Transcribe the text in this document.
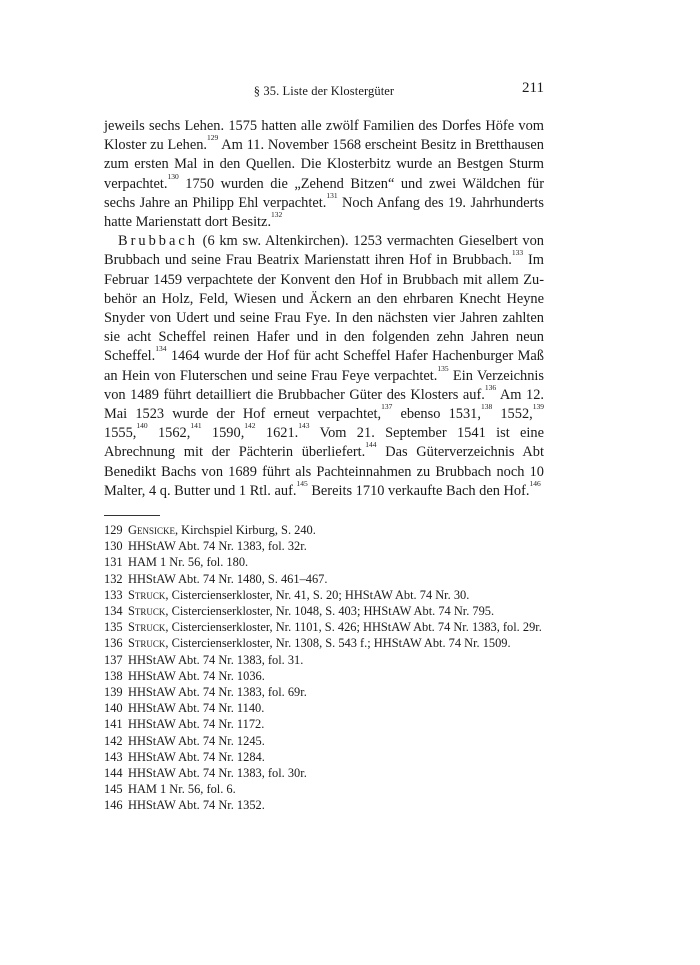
§ 35. Liste der Klostergüter	211

jeweils sechs Lehen. 1575 hatten alle zwölf Familien des Dorfes Höfe vom Kloster zu Lehen.$^{129}$ Am 11. November 1568 erscheint Besitz in Bretthausen zum ersten Mal in den Quellen. Die Klosterbitz wurde an Bestgen Sturm verpachtet.$^{130}$ 1750 wurden die „Zehend Bitzen“ und zwei Wäldchen für sechs Jahre an Philipp Ehl verpachtet.$^{131}$ Noch Anfang des 19. Jahrhunderts hatte Marienstatt dort Besitz.$^{132}$

Brubbach (6 km sw. Altenkirchen). 1253 vermachten Gieselbert von Brubbach und seine Frau Beatrix Marienstatt ihren Hof in Brubbach.$^{133}$ Im Februar 1459 verpachtete der Konvent den Hof in Brubbach mit allem Zubehör an Holz, Feld, Wiesen und Äckern an den ehrbaren Knecht Heyne Snyder von Udert und seine Frau Fye. In den nächsten vier Jahren zahlten sie acht Scheffel reinen Hafer und in den folgenden zehn Jahren neun Scheffel.$^{134}$ 1464 wurde der Hof für acht Scheffel Hafer Hachenburger Maß an Hein von Fluterschen und seine Frau Feye verpachtet.$^{135}$ Ein Verzeichnis von 1489 führt detailliert die Brubbacher Güter des Klosters auf.$^{136}$ Am 12. Mai 1523 wurde der Hof erneut verpachtet,$^{137}$ ebenso 1531,$^{138}$ 1552,$^{139}$ 1555,$^{140}$ 1562,$^{141}$ 1590,$^{142}$ 1621.$^{143}$ Vom 21. September 1541 ist eine Abrechnung mit der Pächterin überliefert.$^{144}$ Das Güterverzeichnis Abt Benedikt Bachs von 1689 führt als Pachteinnahmen zu Brubbach noch 10 Malter, 4 q. Butter und 1 Rtl. auf.$^{145}$ Bereits 1710 verkaufte Bach den Hof.$^{146}$

129 Gensicke, Kirchspiel Kirburg, S. 240.
130 HHStAW Abt. 74 Nr. 1383, fol. 32r.
131 HAM 1 Nr. 56, fol. 180.
132 HHStAW Abt. 74 Nr. 1480, S. 461–467.
133 Struck, Cistercienserkloster, Nr. 41, S. 20; HHStAW Abt. 74 Nr. 30.
134 Struck, Cistercienserkloster, Nr. 1048, S. 403; HHStAW Abt. 74 Nr. 795.
135 Struck, Cistercienserkloster, Nr. 1101, S. 426; HHStAW Abt. 74 Nr. 1383, fol. 29r.
136 Struck, Cistercienserkloster, Nr. 1308, S. 543 f.; HHStAW Abt. 74 Nr. 1509.
137 HHStAW Abt. 74 Nr. 1383, fol. 31.
138 HHStAW Abt. 74 Nr. 1036.
139 HHStAW Abt. 74 Nr. 1383, fol. 69r.
140 HHStAW Abt. 74 Nr. 1140.
141 HHStAW Abt. 74 Nr. 1172.
142 HHStAW Abt. 74 Nr. 1245.
143 HHStAW Abt. 74 Nr. 1284.
144 HHStAW Abt. 74 Nr. 1383, fol. 30r.
145 HAM 1 Nr. 56, fol. 6.
146 HHStAW Abt. 74 Nr. 1352.
